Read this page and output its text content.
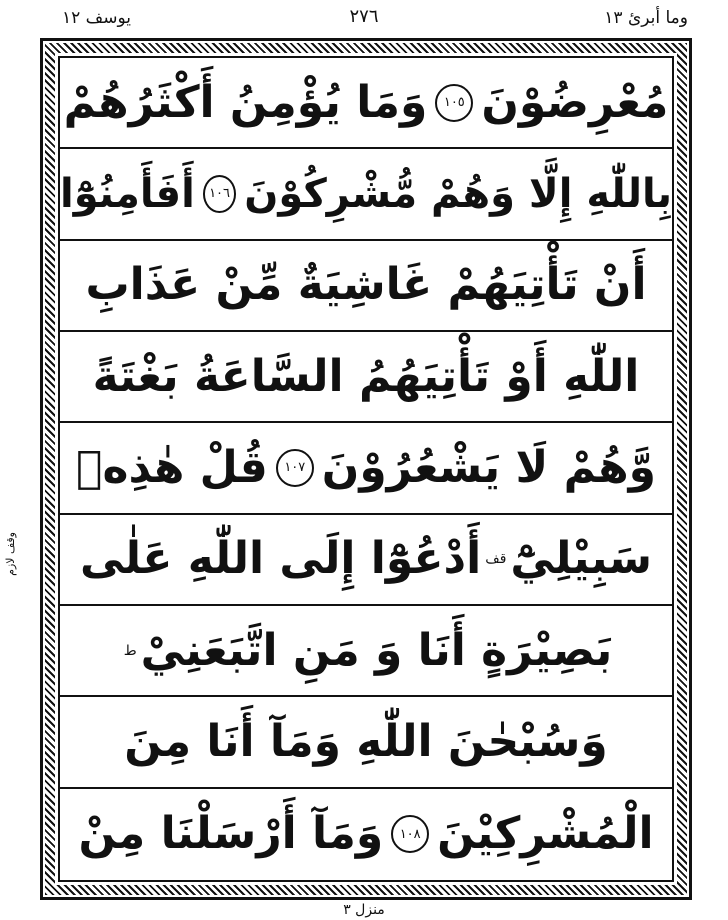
يوسف ١٢	٢٧٦	وما أبرئ ١٣
وقف لازم
مُعْرِضُوْنَ
١٠٥
وَمَا يُؤْمِنُ أَكْثَرُهُمْ
بِاللّٰهِ إِلَّا وَهُمْ مُّشْرِكُوْنَ
١٠٦
أَفَأَمِنُوْٓا
أَنْ تَأْتِيَهُمْ غَاشِيَةٌ مِّنْ عَذَابِ
اللّٰهِ أَوْ تَأْتِيَهُمُ السَّاعَةُ بَغْتَةً
وَّهُمْ لَا يَشْعُرُوْنَ
١٠٧
قُلْ هٰذِهٖ
سَبِيْلِيْٓ
قف
أَدْعُوْٓا إِلَى اللّٰهِ عَلٰى
بَصِيْرَةٍ أَنَا وَ مَنِ اتَّبَعَنِيْ
ط
وَسُبْحٰنَ اللّٰهِ وَمَآ أَنَا مِنَ
الْمُشْرِكِيْنَ
١٠٨
وَمَآ أَرْسَلْنَا مِنْ
منزل ٣
